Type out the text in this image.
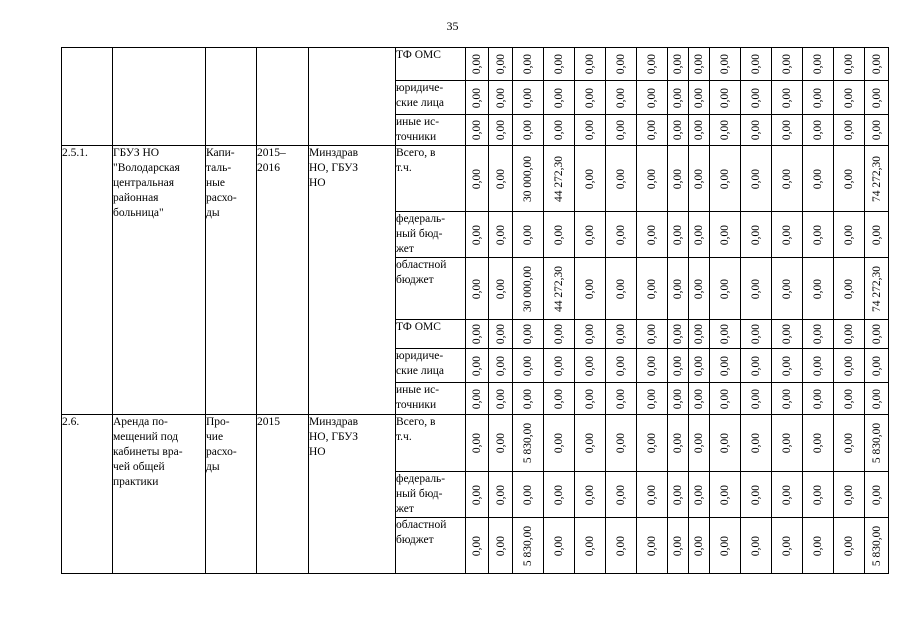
35
					ТФ ОМС	0,00	0,00	0,00	0,00	0,00	0,00	0,00	0,00	0,00	0,00	0,00	0,00	0,00	0,00	0,00

					юридиче-
ские лица	0,00	0,00	0,00	0,00	0,00	0,00	0,00	0,00	0,00	0,00	0,00	0,00	0,00	0,00	0,00

					иные ис-
точники	0,00	0,00	0,00	0,00	0,00	0,00	0,00	0,00	0,00	0,00	0,00	0,00	0,00	0,00	0,00

2.5.1.	ГБУЗ НО
"Володарская
центральная
районная
больница"	Капи-
таль-
ные
расхо-
ды	2015–
2016	Минздрав
НО, ГБУЗ
НО	Всего, в
т.ч.	0,00	0,00	30 000,00	44 272,30	0,00	0,00	0,00	0,00	0,00	0,00	0,00	0,00	0,00	0,00	74 272,30

					федераль-
ный бюд-
жет	0,00	0,00	0,00	0,00	0,00	0,00	0,00	0,00	0,00	0,00	0,00	0,00	0,00	0,00	0,00

					областной
бюджет	0,00	0,00	30 000,00	44 272,30	0,00	0,00	0,00	0,00	0,00	0,00	0,00	0,00	0,00	0,00	74 272,30

					ТФ ОМС	0,00	0,00	0,00	0,00	0,00	0,00	0,00	0,00	0,00	0,00	0,00	0,00	0,00	0,00	0,00

					юридиче-
ские лица	0,00	0,00	0,00	0,00	0,00	0,00	0,00	0,00	0,00	0,00	0,00	0,00	0,00	0,00	0,00

					иные ис-
точники	0,00	0,00	0,00	0,00	0,00	0,00	0,00	0,00	0,00	0,00	0,00	0,00	0,00	0,00	0,00

2.6.	Аренда по-
мещений под
кабинеты вра-
чей общей
практики	Про-
чие
расхо-
ды	2015	Минздрав
НО, ГБУЗ
НО	Всего, в
т.ч.	0,00	0,00	5 830,00	0,00	0,00	0,00	0,00	0,00	0,00	0,00	0,00	0,00	0,00	0,00	5 830,00

					федераль-
ный бюд-
жет	0,00	0,00	0,00	0,00	0,00	0,00	0,00	0,00	0,00	0,00	0,00	0,00	0,00	0,00	0,00

					областной
бюджет	0,00	0,00	5 830,00	0,00	0,00	0,00	0,00	0,00	0,00	0,00	0,00	0,00	0,00	0,00	5 830,00
